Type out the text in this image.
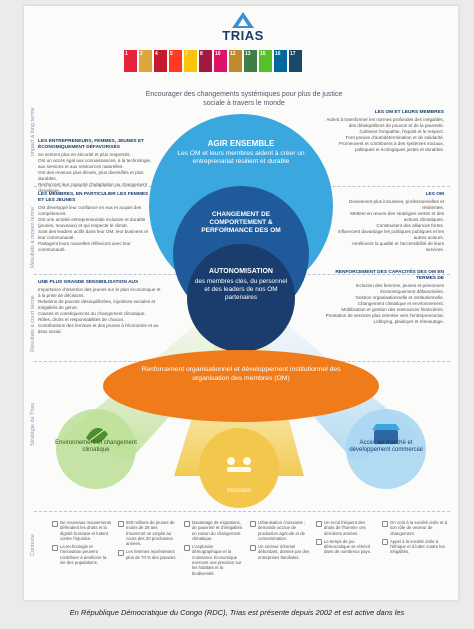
TRIAS
1	2	4	5	7	8	10	12	13	15	16	17
Encourager des changements systémiques pour plus de justice sociale à travers le monde
Impact à long terme
Résultats à moyen terme
Résultats à court terme
Stratégie de Trias
Contexte
AGIR ENSEMBLE
Les OM et leurs membres aident à créer un entreprenariat résilient et durable
CHANGEMENT DE COMPORTEMENT & PERFORMANCE DES OM
AUTONOMISATION
des membres clés, du personnel et des leaders de nos OM partenaires
Renforcement organisationnel et développement institutionnel des organisation des membres (OM)
Environnement et changement climatique
Inclusion
Accès au marché et développement commercial
LES ENTREPRENEURS, FEMMES, JEUNES ET ÉCONOMIQUEMENT DÉFAVORISÉS
Se sentent plus en sécurité et plus respectés.
Ont un accès égal aux connaissances, à la technologie, aux services et aux ressources naturelles.
Ont des revenus plus élevés, plus diversifiés et plus durables.
Renforcent leur capacité d'adaptation au changement climatique.
LES MEMBRES, EN PARTICULIER LES FEMMES ET LES JEUNES
Ont développé leur confiance en eux et acquis des compétences.
Ont une activité entrepreneuriale inclusive et durable (jeunes, nouveaux) et qui respecte le climat.
Sont des leaders actifs dans leur OM, leur business et leur communauté.
Partagent leurs nouvelles réflexions avec leur communauté.
UNE PLUS GRANDE SENSIBILISATION AUX
Importance d'insertion des jeunes sur le plan économique et à la prise de décisions.
Relations de pouvoir déséquilibrées, injustices sociales et inégalités de genre.
Causes et conséquences du changement climatique.
Rôles, droits et responsabilités de chacun.
Contributions des femmes et des jeunes à l'économie et au tissu social.
LES OM ET LEURS MEMBRES
Aident à transformer les normes profondes des inégalités, des déséquilibres de pouvoir et de la pauvreté.
Cultivent l'empathie, l'équité et le respect.
Font preuve d'autodétermination et de solidarité.
Promeuvent et contribuent à des systèmes sociaux, politiques et écologiques justes et durables.
LES OM
Deviennent plus inclusives, professionnelles et résilientes.
Mettent en œuvre des stratégies vertes et des actions climatiques.
Construisent des alliances fortes.
Influencent davantage les politiques publiques et les autres acteurs.
Améliorent la qualité et l'accessibilité de leurs services.
RENFORCEMENT DES CAPACITÉS DES OM EN TERMES DE
Inclusion des femmes, jeunes et personnes économiquement défavorisées.
Gestion organisationnelle et institutionnelle.
Changement climatique et environnement.
Mobilisation et gestion des ressources financières.
Prestation de services plus orientée vers l'entrepreneuriat.
Lobbying, plaidoyer et réseautage.
De nouveaux mouvements défendent les droits et la dignité humaine et luttent contre l'injustice.
La technologie et l'innovation peuvent contribuer à améliorer la vie des populations.
500 millions de jeunes de moins de 29 ans trouveront un emploi au cours des 20 prochaines années.
Les femmes représentent plus de 70 % des pauvres.
Davantage de migrations, de pauvreté et d'inégalités en raison du changement climatique.
L'explosion démographique et la croissance économique exercent une pression sur les habitats et la biodiversité.
Urbanisation croissante ; demande accrue de production agricole et de consommation.
Un secteur informel débordant, dominé par des entreprises familiales.
Un recul fréquent des droits de l'homme ces dernières années.
Le temps de jeu démocratique se rétrécit dans de nombreux pays.
On croit à la société civile et à son rôle de vecteur de changement.
Appel à la société civile à l'éthique et à lutter contre les inégalités.
En République Démocratique du Congo (RDC), Trias est présente depuis 2002 et est active dans les
